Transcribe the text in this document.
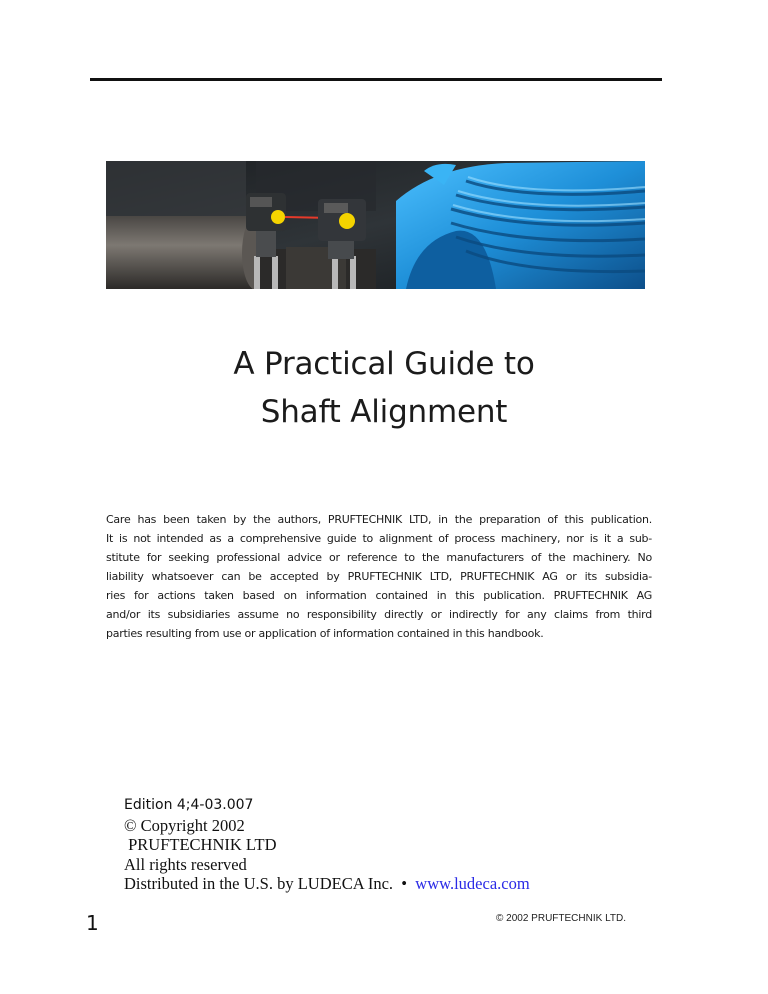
A Practical Guide to
Shaft Alignment
Care has been taken by the authors, PRUFTECHNIK LTD, in the preparation of this publication.
It is not intended as a comprehensive guide to alignment of process machinery, nor is it a sub-
stitute for seeking professional advice or reference to the manufacturers of the machinery. No
liability whatsoever can be accepted by PRUFTECHNIK LTD, PRUFTECHNIK AG or its subsidia-
ries for actions taken based on information contained in this publication. PRUFTECHNIK AG
and/or its subsidiaries assume no responsibility directly or indirectly for any claims from third
parties resulting from use or application of information contained in this handbook.
Edition 4;4-03.007
© Copyright 2002
PRUFTECHNIK LTD
All rights reserved
Distributed in the U.S. by LUDECA Inc.  •  www.ludeca.com
1	© 2002 PRUFTECHNIK LTD.
